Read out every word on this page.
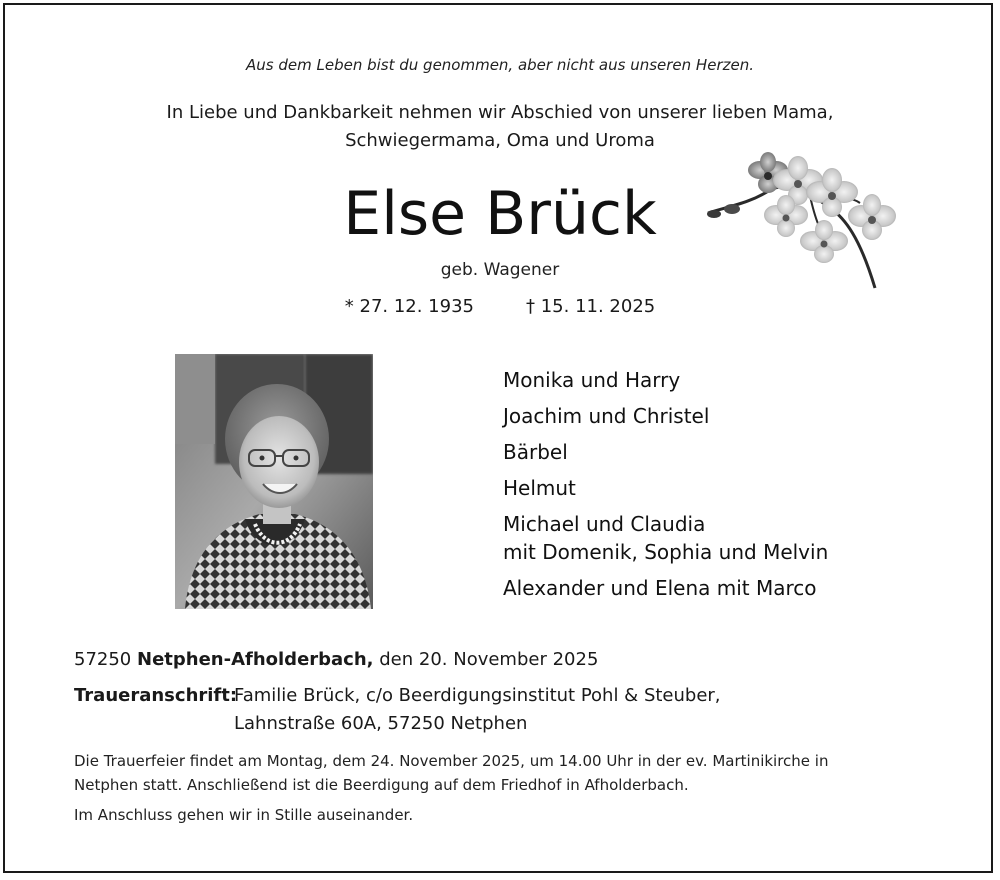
Aus dem Leben bist du genommen, aber nicht aus unseren Herzen.
In Liebe und Dankbarkeit nehmen wir Abschied von unserer lieben Mama,
Schwiegermama, Oma und Uroma
Else Brück
geb. Wagener
* 27. 12. 1935	† 15. 11. 2025
Monika und Harry
Joachim und Christel
Bärbel
Helmut
Michael und Claudia
mit Domenik, Sophia und Melvin
Alexander und Elena mit Marco
57250 Netphen-Afholderbach, den 20. November 2025
Traueranschrift:Familie Brück, c/o Beerdigungsinstitut Pohl & Steuber,
Lahnstraße 60A, 57250 Netphen
Die Trauerfeier findet am Montag, dem 24. November 2025, um 14.00 Uhr in der ev. Martinikirche in
Netphen statt. Anschließend ist die Beerdigung auf dem Friedhof in Afholderbach.
Im Anschluss gehen wir in Stille auseinander.
